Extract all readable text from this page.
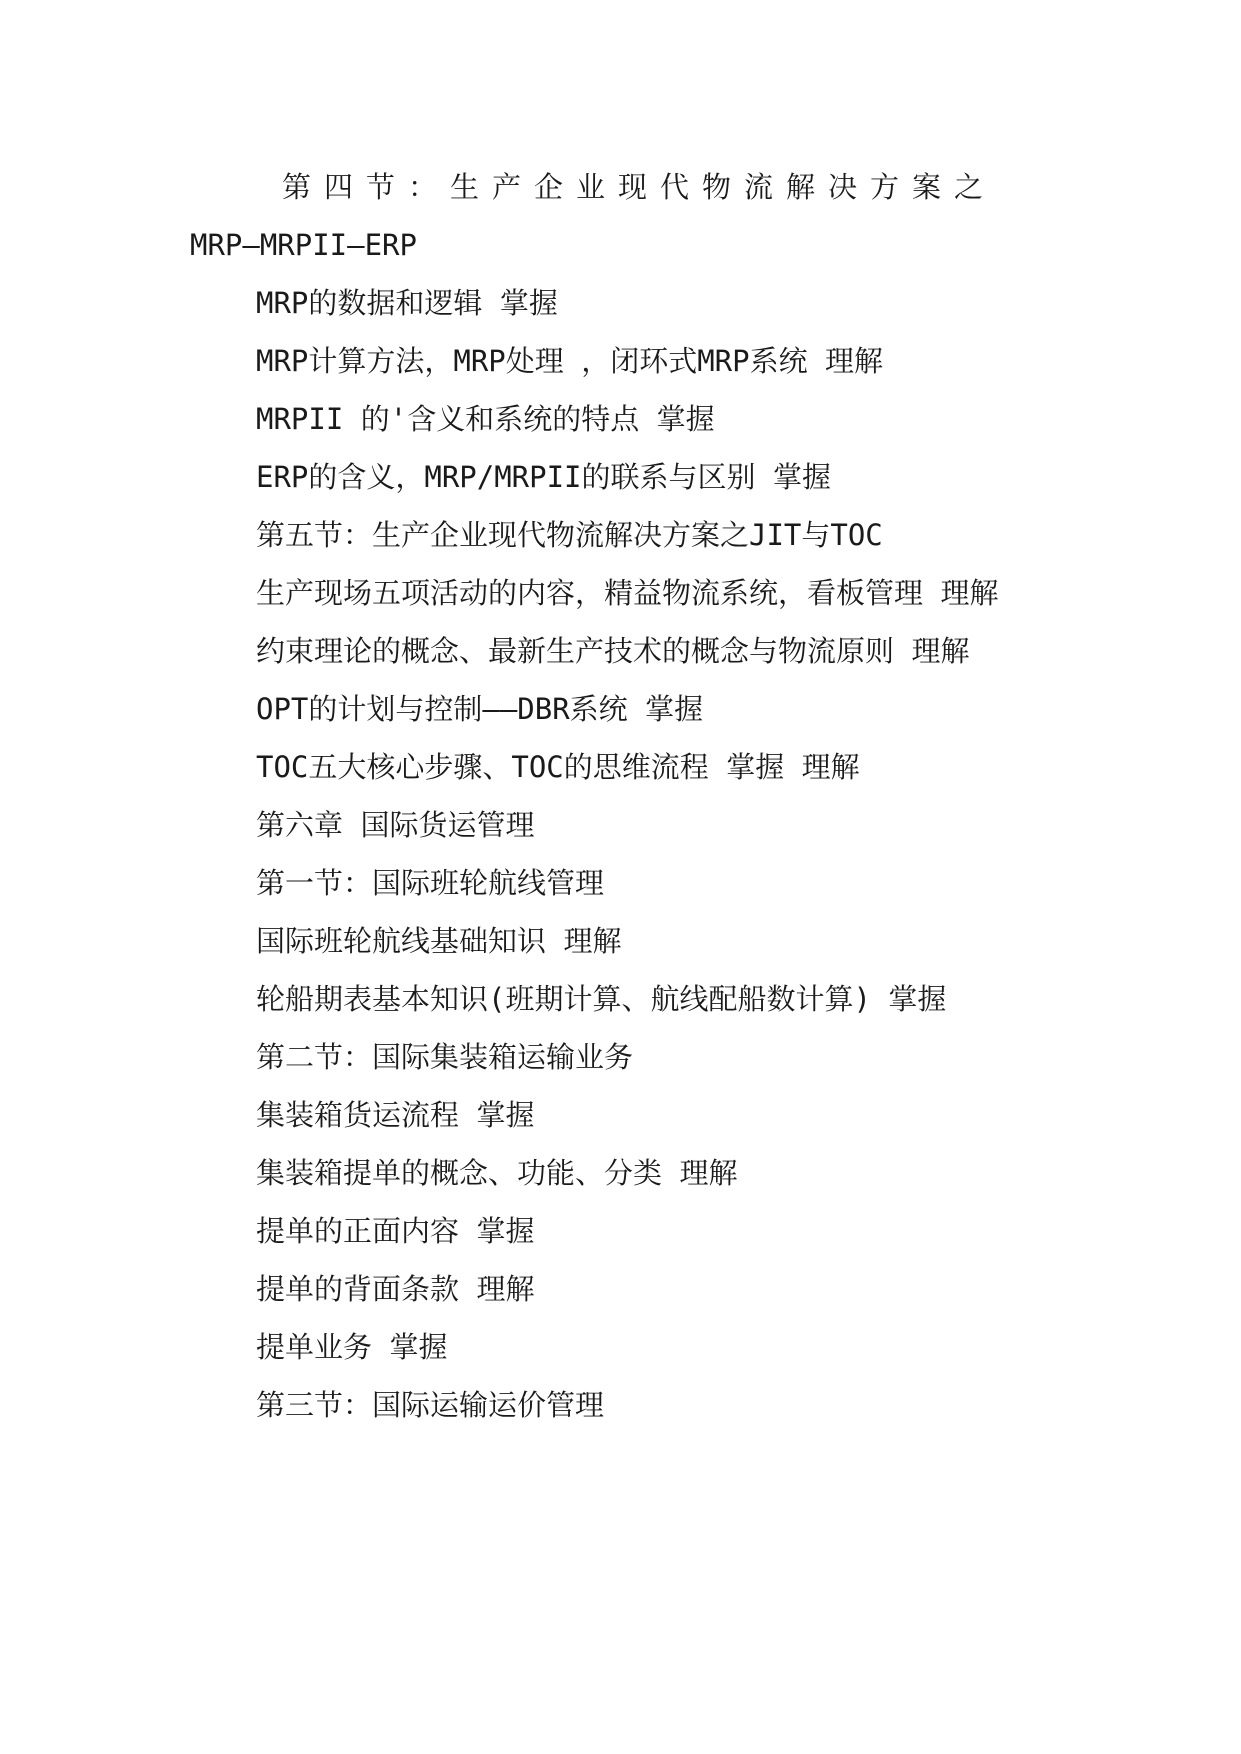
第四节：生产企业现代物流解决方案之

MRP—MRPII—ERP

MRP的数据和逻辑 掌握

MRP计算方法，MRP处理 ，闭环式MRP系统 理解

MRPII 的'含义和系统的特点 掌握

ERP的含义，MRP/MRPII的联系与区别 掌握

第五节：生产企业现代物流解决方案之JIT与TOC

生产现场五项活动的内容，精益物流系统，看板管理 理解

约束理论的概念、最新生产技术的概念与物流原则 理解

OPT的计划与控制——DBR系统 掌握

TOC五大核心步骤、TOC的思维流程 掌握 理解

第六章 国际货运管理

第一节：国际班轮航线管理

国际班轮航线基础知识 理解

轮船期表基本知识(班期计算、航线配船数计算) 掌握

第二节：国际集装箱运输业务

集装箱货运流程 掌握

集装箱提单的概念、功能、分类 理解

提单的正面内容 掌握

提单的背面条款 理解

提单业务 掌握

第三节：国际运输运价管理
